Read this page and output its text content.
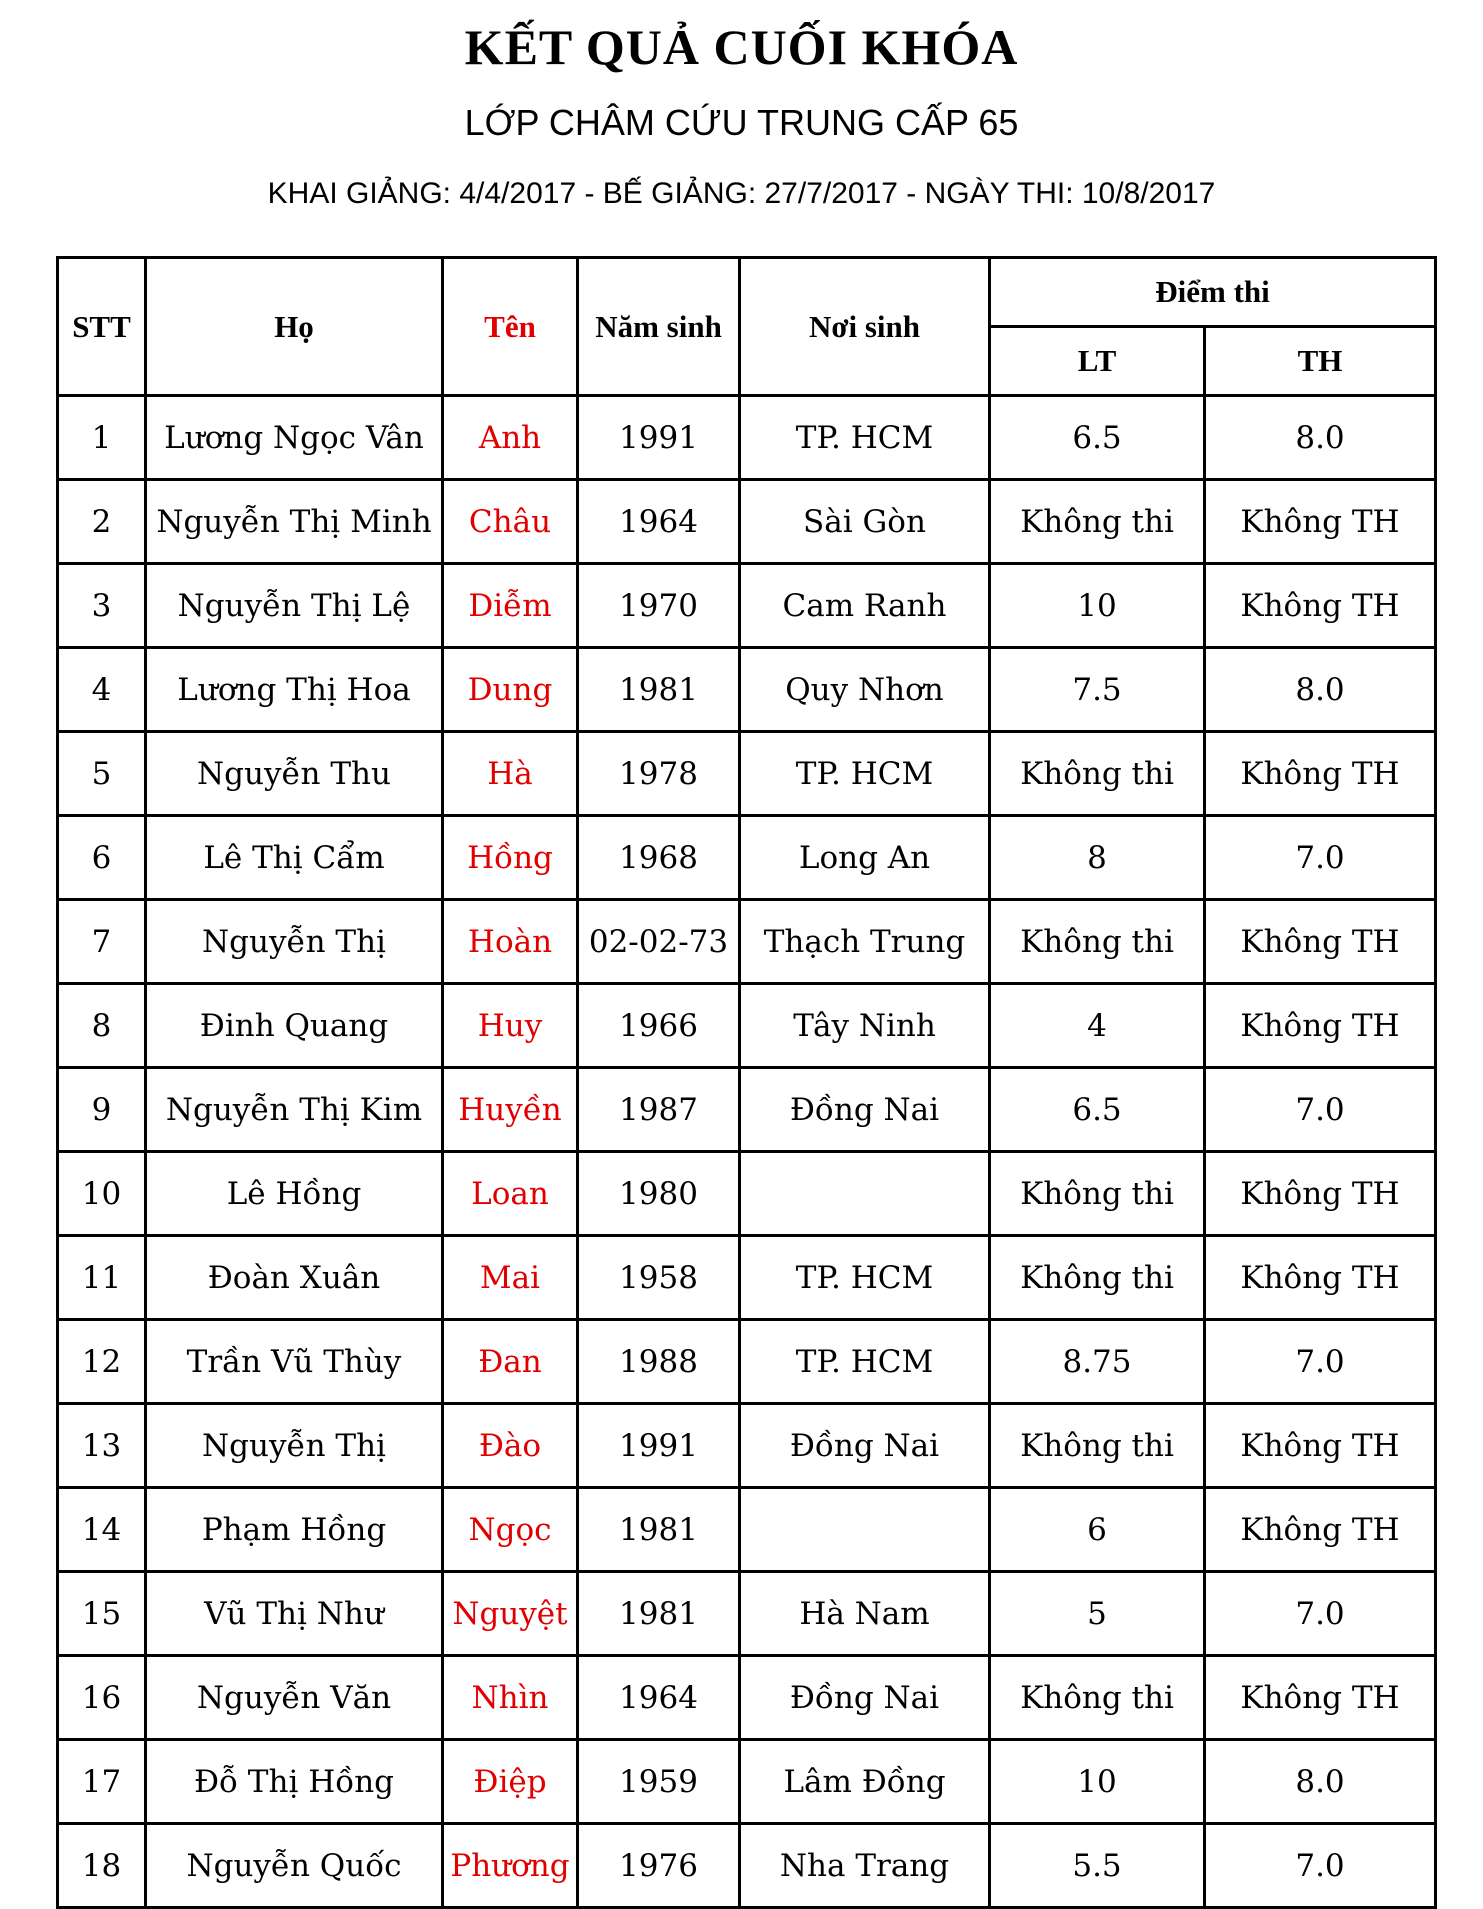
KẾT QUẢ CUỐI KHÓA
LỚP CHÂM CỨU TRUNG CẤP 65
KHAI GIẢNG: 4/4/2017 - BẾ GIẢNG: 27/7/2017 - NGÀY THI: 10/8/2017
STT	Họ	Tên	Năm sinh	Nơi sinh	Điểm thi	
					LT	TH
1	Lương Ngọc Vân	Anh	1991	TP. HCM	6.5	8.0
2	Nguyễn Thị Minh	Châu	1964	Sài Gòn	Không thi	Không TH
3	Nguyễn Thị Lệ	Diễm	1970	Cam Ranh	10	Không TH
4	Lương Thị Hoa	Dung	1981	Quy Nhơn	7.5	8.0
5	Nguyễn Thu	Hà	1978	TP. HCM	Không thi	Không TH
6	Lê Thị Cẩm	Hồng	1968	Long An	8	7.0
7	Nguyễn Thị	Hoàn	02-02-73	Thạch Trung	Không thi	Không TH
8	Đinh Quang	Huy	1966	Tây Ninh	4	Không TH
9	Nguyễn Thị Kim	Huyền	1987	Đồng Nai	6.5	7.0
10	Lê Hồng	Loan	1980		Không thi	Không TH
11	Đoàn Xuân	Mai	1958	TP. HCM	Không thi	Không TH
12	Trần Vũ Thùy	Đan	1988	TP. HCM	8.75	7.0
13	Nguyễn Thị	Đào	1991	Đồng Nai	Không thi	Không TH
14	Phạm Hồng	Ngọc	1981		6	Không TH
15	Vũ Thị Như	Nguyệt	1981	Hà Nam	5	7.0
16	Nguyễn Văn	Nhìn	1964	Đồng Nai	Không thi	Không TH
17	Đỗ Thị Hồng	Điệp	1959	Lâm Đồng	10	8.0
18	Nguyễn Quốc	Phương	1976	Nha Trang	5.5	7.0
